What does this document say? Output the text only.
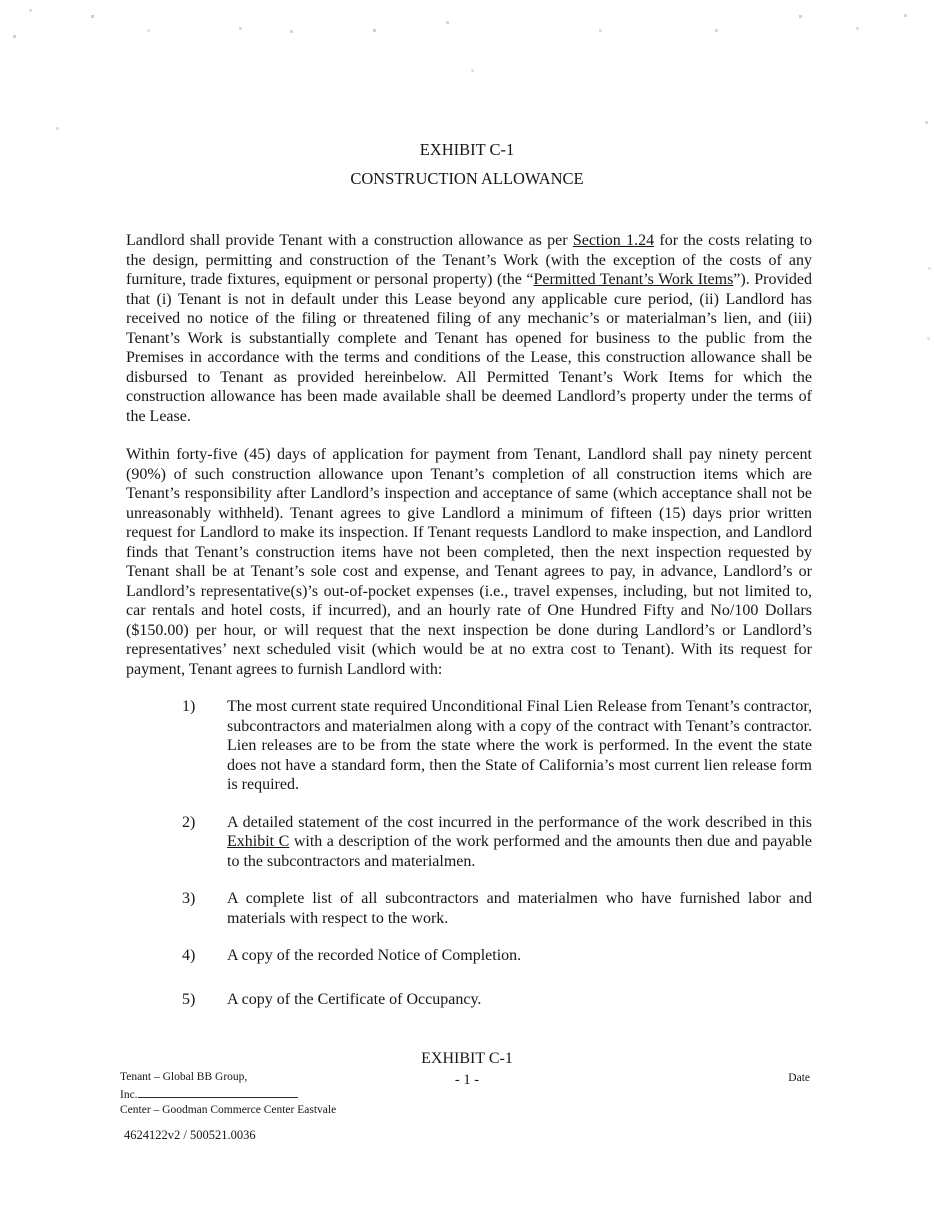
EXHIBIT C-1
CONSTRUCTION ALLOWANCE

Landlord shall provide Tenant with a construction allowance as per Section 1.24 for the costs relating to the design, permitting and construction of the Tenant’s Work (with the exception of the costs of any furniture, trade fixtures, equipment or personal property) (the “Permitted Tenant’s Work Items”). Provided that (i) Tenant is not in default under this Lease beyond any applicable cure period, (ii) Landlord has received no notice of the filing or threatened filing of any mechanic’s or materialman’s lien, and (iii) Tenant’s Work is substantially complete and Tenant has opened for business to the public from the Premises in accordance with the terms and conditions of the Lease, this construction allowance shall be disbursed to Tenant as provided hereinbelow. All Permitted Tenant’s Work Items for which the construction allowance has been made available shall be deemed Landlord’s property under the terms of the Lease.

Within forty-five (45) days of application for payment from Tenant, Landlord shall pay ninety percent (90%) of such construction allowance upon Tenant’s completion of all construction items which are Tenant’s responsibility after Landlord’s inspection and acceptance of same (which acceptance shall not be unreasonably withheld). Tenant agrees to give Landlord a minimum of fifteen (15) days prior written request for Landlord to make its inspection. If Tenant requests Landlord to make inspection, and Landlord finds that Tenant’s construction items have not been completed, then the next inspection requested by Tenant shall be at Tenant’s sole cost and expense, and Tenant agrees to pay, in advance, Landlord’s or Landlord’s representative(s)’s out-of-pocket expenses (i.e., travel expenses, including, but not limited to, car rentals and hotel costs, if incurred), and an hourly rate of One Hundred Fifty and No/100 Dollars ($150.00) per hour, or will request that the next inspection be done during Landlord’s or Landlord’s representatives’ next scheduled visit (which would be at no extra cost to Tenant). With its request for payment, Tenant agrees to furnish Landlord with:

1)	The most current state required Unconditional Final Lien Release from Tenant’s contractor, subcontractors and materialmen along with a copy of the contract with Tenant’s contractor. Lien releases are to be from the state where the work is performed. In the event the state does not have a standard form, then the State of California’s most current lien release form is required.
2)	A detailed statement of the cost incurred in the performance of the work described in this Exhibit C with a description of the work performed and the amounts then due and payable to the subcontractors and materialmen.
3)	A complete list of all subcontractors and materialmen who have furnished labor and materials with respect to the work.
4)	A copy of the recorded Notice of Completion.
5)	A copy of the Certificate of Occupancy.
EXHIBIT C-1
- 1 -
Tenant – Global BB Group,
Inc.
Center – Goodman Commerce Center Eastvale
Date
4624122v2 / 500521.0036
